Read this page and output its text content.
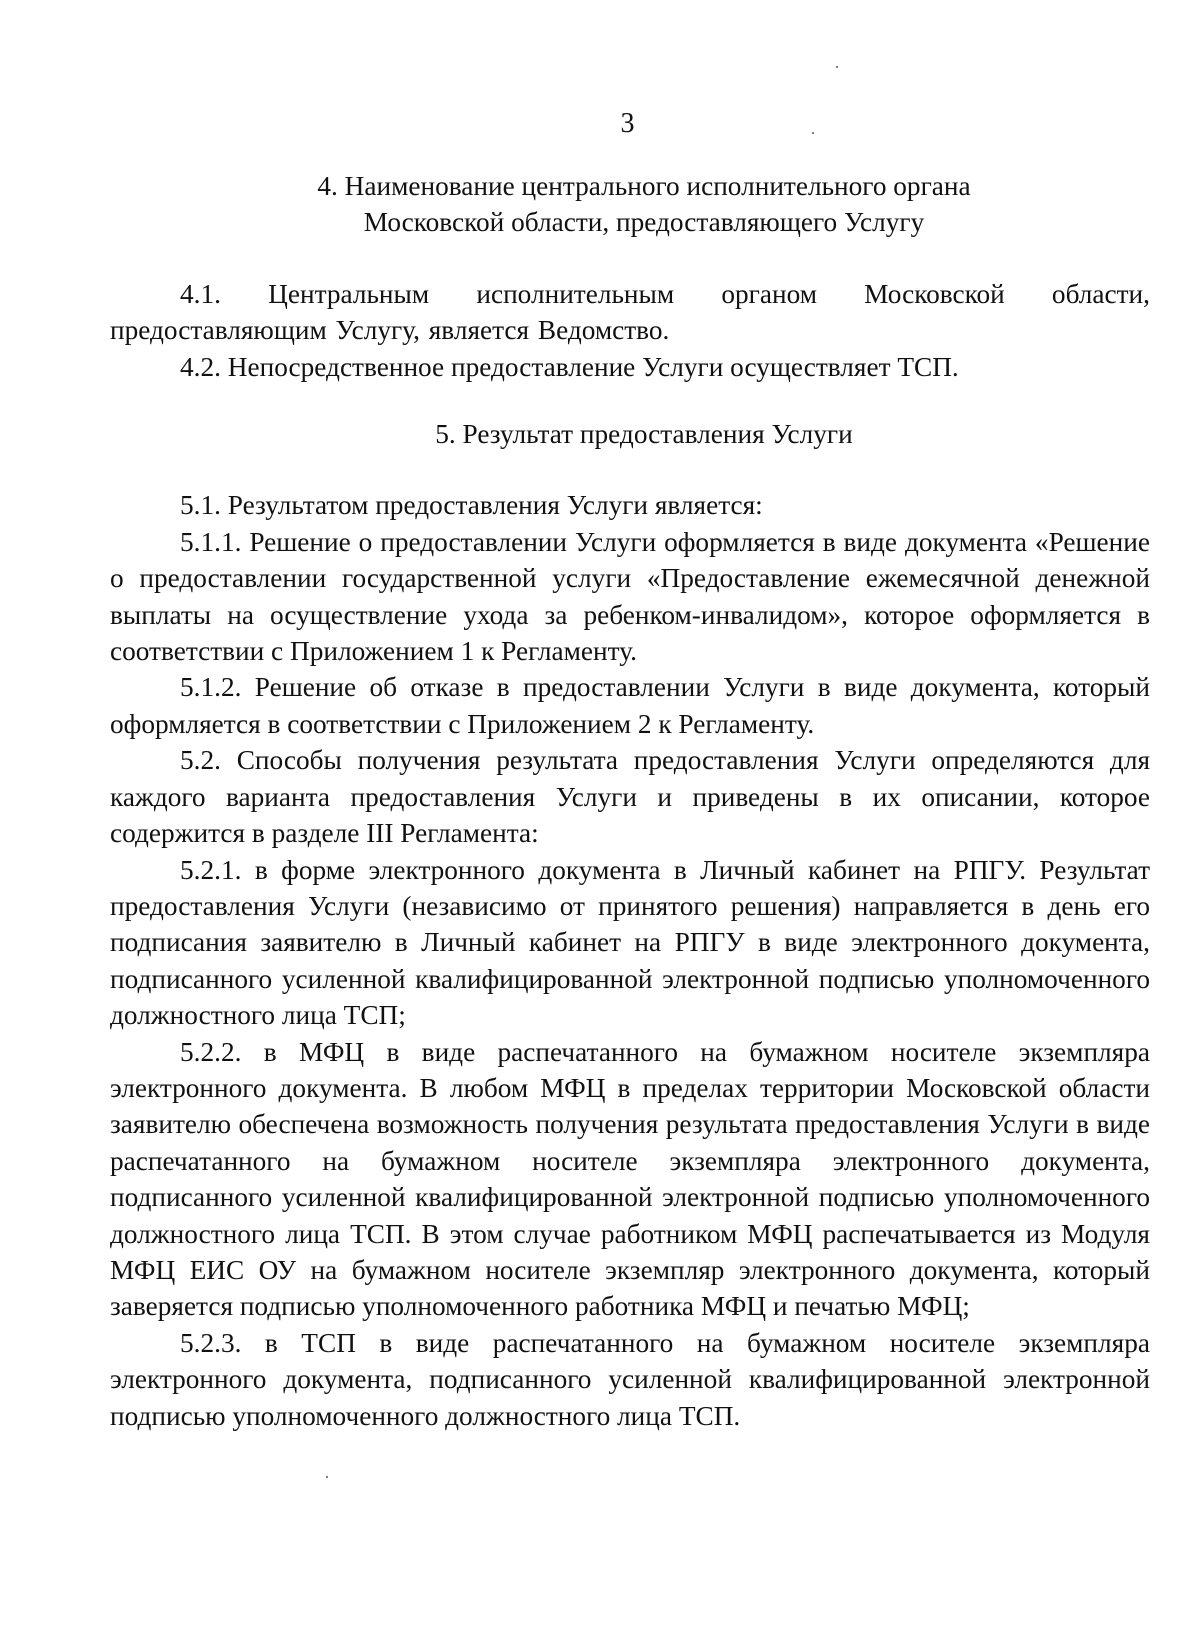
3
4. Наименование центрального исполнительного органа
Московской области, предоставляющего Услугу

4.1. Центральным исполнительным органом Московской области, предоставляющим Услугу, является Ведомство.

4.2. Непосредственное предоставление Услуги осуществляет ТСП.

5. Результат предоставления Услуги

5.1. Результатом предоставления Услуги является:

5.1.1. Решение о предоставлении Услуги оформляется в виде документа «Решение о предоставлении государственной услуги «Предоставление ежемесячной денежной выплаты на осуществление ухода за ребенком-инвалидом», которое оформляется в соответствии с Приложением 1 к Регламенту.

5.1.2. Решение об отказе в предоставлении Услуги в виде документа, который оформляется в соответствии с Приложением 2 к Регламенту.

5.2. Способы получения результата предоставления Услуги определяются для каждого варианта предоставления Услуги и приведены в их описании, которое содержится в разделе III Регламента:

5.2.1. в форме электронного документа в Личный кабинет на РПГУ. Результат предоставления Услуги (независимо от принятого решения) направляется в день его подписания заявителю в Личный кабинет на РПГУ в виде электронного документа, подписанного усиленной квалифицированной электронной подписью уполномоченного должностного лица ТСП;

5.2.2. в МФЦ в виде распечатанного на бумажном носителе экземпляра электронного документа. В любом МФЦ в пределах территории Московской области заявителю обеспечена возможность получения результата предоставления Услуги в виде распечатанного на бумажном носителе экземпляра электронного документа, подписанного усиленной квалифицированной электронной подписью уполномоченного должностного лица ТСП. В этом случае работником МФЦ распечатывается из Модуля МФЦ ЕИС ОУ на бумажном носителе экземпляр электронного документа, который заверяется подписью уполномоченного работника МФЦ и печатью МФЦ;

5.2.3. в ТСП в виде распечатанного на бумажном носителе экземпляра электронного документа, подписанного усиленной квалифицированной электронной подписью уполномоченного должностного лица ТСП.
